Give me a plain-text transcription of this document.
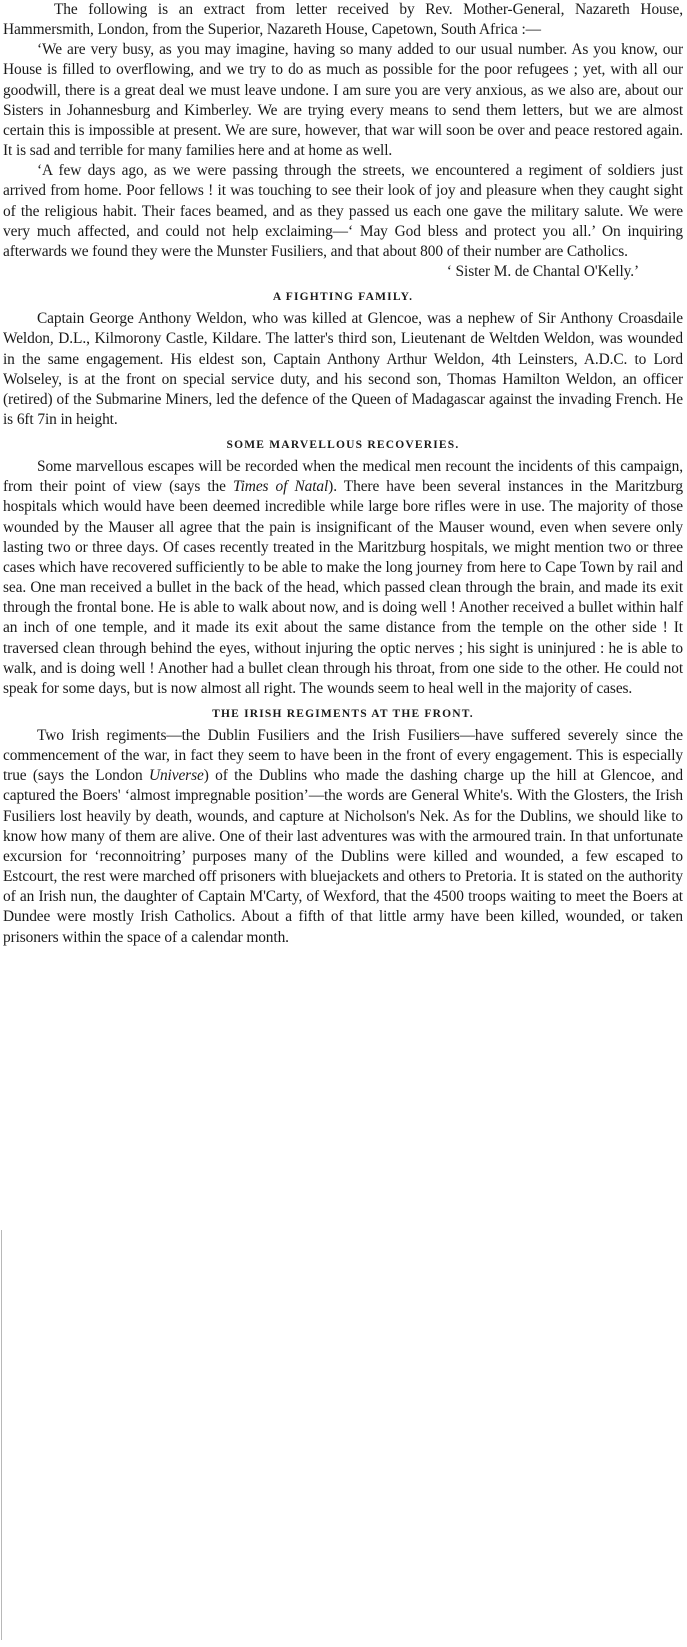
The following is an extract from letter received by Rev. Mother-General, Nazareth House, Hammersmith, London, from the Superior, Nazareth House, Capetown, South Africa :—

‘We are very busy, as you may imagine, having so many added to our usual number. As you know, our House is filled to overflowing, and we try to do as much as possible for the poor refugees ; yet, with all our goodwill, there is a great deal we must leave undone. I am sure you are very anxious, as we also are, about our Sisters in Johannesburg and Kimberley. We are trying every means to send them letters, but we are almost certain this is impossible at present. We are sure, however, that war will soon be over and peace restored again. It is sad and terrible for many families here and at home as well.

‘A few days ago, as we were passing through the streets, we encountered a regiment of soldiers just arrived from home. Poor fellows ! it was touching to see their look of joy and pleasure when they caught sight of the religious habit. Their faces beamed, and as they passed us each one gave the military salute. We were very much affected, and could not help exclaiming—‘ May God bless and protect you all.’ On inquiring afterwards we found they were the Munster Fusiliers, and that about 800 of their number are Catholics.

‘ Sister M. de Chantal O'Kelly.’

A FIGHTING FAMILY.

Captain George Anthony Weldon, who was killed at Glencoe, was a nephew of Sir Anthony Croasdaile Weldon, D.L., Kilmorony Castle, Kildare. The latter's third son, Lieutenant de Weltden Weldon, was wounded in the same engagement. His eldest son, Captain Anthony Arthur Weldon, 4th Leinsters, A.D.C. to Lord Wolseley, is at the front on special service duty, and his second son, Thomas Hamilton Weldon, an officer (retired) of the Submarine Miners, led the defence of the Queen of Madagascar against the invading French. He is 6ft 7in in height.

SOME MARVELLOUS RECOVERIES.

Some marvellous escapes will be recorded when the medical men recount the incidents of this campaign, from their point of view (says the Times of Natal). There have been several instances in the Maritzburg hospitals which would have been deemed incredible while large bore rifles were in use. The majority of those wounded by the Mauser all agree that the pain is insignificant of the Mauser wound, even when severe only lasting two or three days. Of cases recently treated in the Maritzburg hospitals, we might mention two or three cases which have recovered sufficiently to be able to make the long journey from here to Cape Town by rail and sea. One man received a bullet in the back of the head, which passed clean through the brain, and made its exit through the frontal bone. He is able to walk about now, and is doing well ! Another received a bullet within half an inch of one temple, and it made its exit about the same distance from the temple on the other side ! It traversed clean through behind the eyes, without injuring the optic nerves ; his sight is uninjured : he is able to walk, and is doing well ! Another had a bullet clean through his throat, from one side to the other. He could not speak for some days, but is now almost all right. The wounds seem to heal well in the majority of cases.

THE IRISH REGIMENTS AT THE FRONT.

Two Irish regiments—the Dublin Fusiliers and the Irish Fusiliers—have suffered severely since the commencement of the war, in fact they seem to have been in the front of every engagement. This is especially true (says the London Universe) of the Dublins who made the dashing charge up the hill at Glencoe, and captured the Boers' ‘almost impregnable position’—the words are General White's. With the Glosters, the Irish Fusiliers lost heavily by death, wounds, and capture at Nicholson's Nek. As for the Dublins, we should like to know how many of them are alive. One of their last adventures was with the armoured train. In that unfortunate excursion for ‘reconnoitring’ purposes many of the Dublins were killed and wounded, a few escaped to Estcourt, the rest were marched off prisoners with bluejackets and others to Pretoria. It is stated on the authority of an Irish nun, the daughter of Captain M'Carty, of Wexford, that the 4500 troops waiting to meet the Boers at Dundee were mostly Irish Catholics. About a fifth of that little army have been killed, wounded, or taken prisoners within the space of a calendar month.
